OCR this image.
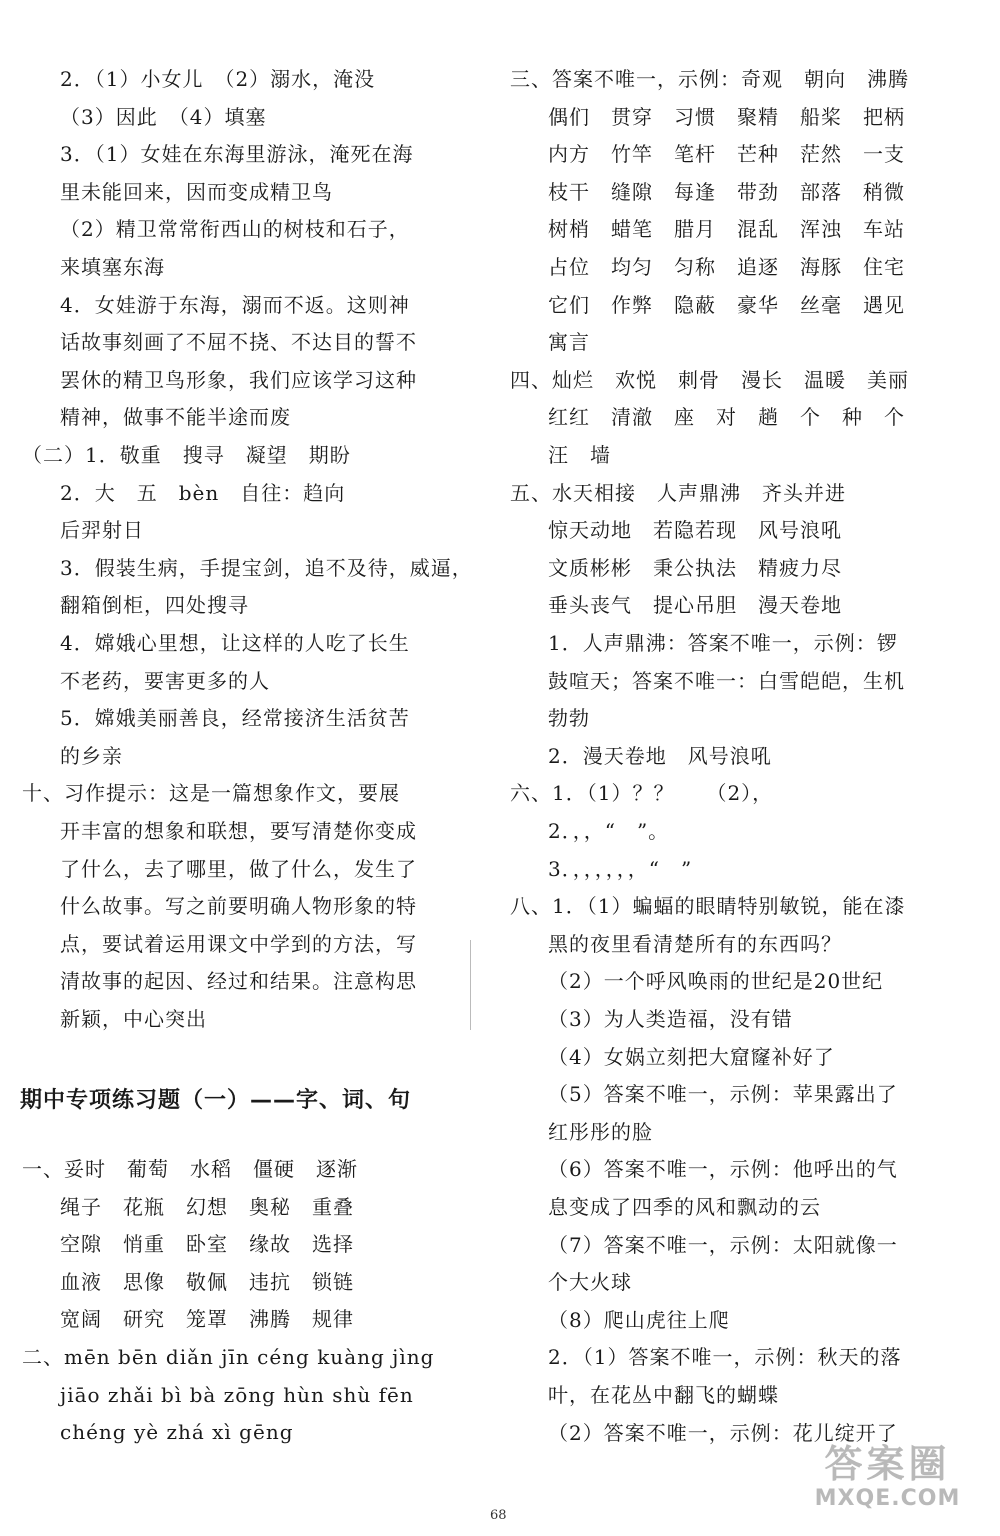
2．（1）小女儿　（2）溺水，淹没
（3）因此　（4）填塞
3．（1）女娃在东海里游泳，淹死在海
里未能回来，因而变成精卫鸟
（2）精卫常常衔西山的树枝和石子，
来填塞东海
4．女娃游于东海，溺而不返。这则神
话故事刻画了不屈不挠、不达目的誓不
罢休的精卫鸟形象，我们应该学习这种
精神，做事不能半途而废
（二）1．敬重　搜寻　凝望　期盼
2．大　五　bèn　自往：趋向
后羿射日
3．假装生病，手提宝剑，追不及待，威逼，
翻箱倒柜，四处搜寻
4．嫦娥心里想，让这样的人吃了长生
不老药，要害更多的人
5．嫦娥美丽善良，经常接济生活贫苦
的乡亲
十、习作提示：这是一篇想象作文，要展
开丰富的想象和联想，要写清楚你变成
了什么，去了哪里，做了什么，发生了
什么故事。写之前要明确人物形象的特
点，要试着运用课文中学到的方法，写
清故事的起因、经过和结果。注意构思
新颖，中心突出
一、妥时　葡萄　水稻　僵硬　逐渐
绳子　花瓶　幻想　奥秘　重叠
空隙　悄重　卧室　缘故　选择
血液　思像　敬佩　违抗　锁链
宽阔　研究　笼罩　沸腾　规律
二、mēn bēn diǎn jīn céng kuàng jìng
jiāo zhǎi bì bà zōng hùn shù fēn
chéng yè zhá xì gēng
三、答案不唯一，示例：奇观　朝向　沸腾
偶们　贯穿　习惯　聚精　船桨　把柄
内方　竹竿　笔杆　芒种　茫然　一支
枝干　缝隙　每逢　带劲　部落　稍微
树梢　蜡笔　腊月　混乱　浑浊　车站
占位　均匀　匀称　追逐　海豚　住宅
它们　作弊　隐蔽　豪华　丝毫　遇见
寓言
四、灿烂　欢悦　刺骨　漫长　温暖　美丽
红红　清澈　座　对　趟　个　种　个
汪　墙
五、水天相接　人声鼎沸　齐头并进
惊天动地　若隐若现　风号浪吼
文质彬彬　秉公执法　精疲力尽
垂头丧气　提心吊胆　漫天卷地
1．人声鼎沸：答案不唯一，示例：锣
鼓喧天；答案不唯一：白雪皑皑，生机
勃勃
2．漫天卷地　风号浪吼
六、1．（1）？？　　（2），
2．，，“　”。
3．，，，，，，“　”
八、1．（1）蝙蝠的眼睛特别敏锐，能在漆
黑的夜里看清楚所有的东西吗？
（2）一个呼风唤雨的世纪是20世纪
（3）为人类造福，没有错
（4）女娲立刻把大窟窿补好了
（5）答案不唯一，示例：苹果露出了
红彤彤的脸
（6）答案不唯一，示例：他呼出的气
息变成了四季的风和飘动的云
（7）答案不唯一，示例：太阳就像一
个大火球
（8）爬山虎往上爬
2．（1）答案不唯一，示例：秋天的落
叶，在花丛中翻飞的蝴蝶
（2）答案不唯一，示例：花儿绽开了
期中专项练习题（一）——字、词、句
68
答案圈
MXQE.COM
